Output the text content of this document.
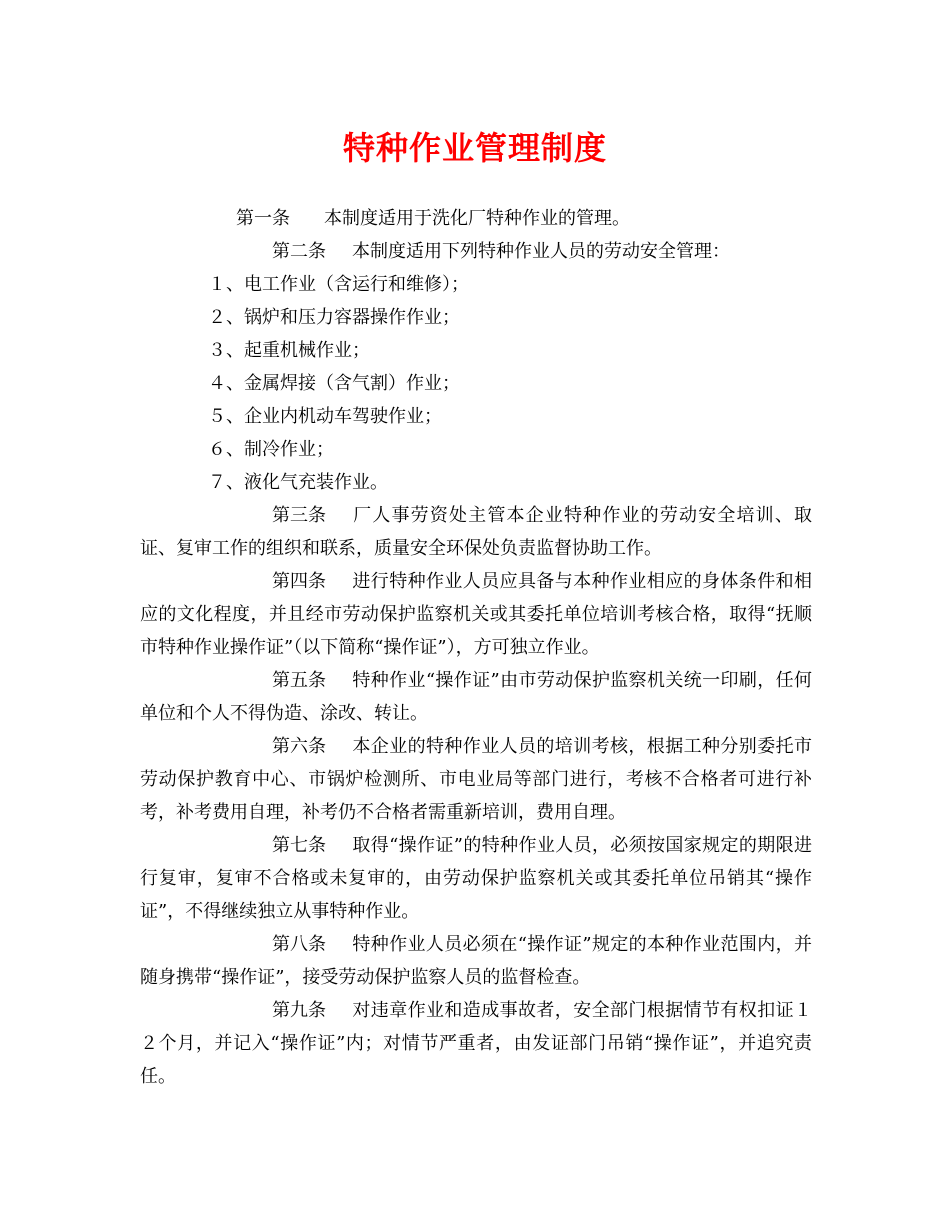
特种作业管理制度

第一条 本制度适用于洗化厂特种作业的管理。

第二条 本制度适用下列特种作业人员的劳动安全管理：

１、电工作业（含运行和维修）；

２、锅炉和压力容器操作作业；

３、起重机械作业；

４、金属焊接（含气割）作业；

５、企业内机动车驾驶作业；

６、制冷作业；

７、液化气充装作业。

第三条 厂人事劳资处主管本企业特种作业的劳动安全培训、取证、复审工作的组织和联系，质量安全环保处负责监督协助工作。

第四条 进行特种作业人员应具备与本种作业相应的身体条件和相应的文化程度，并且经市劳动保护监察机关或其委托单位培训考核合格，取得“抚顺市特种作业操作证”（以下简称“操作证”），方可独立作业。

第五条 特种作业“操作证”由市劳动保护监察机关统一印刷，任何单位和个人不得伪造、涂改、转让。

第六条 本企业的特种作业人员的培训考核，根据工种分别委托市劳动保护教育中心、市锅炉检测所、市电业局等部门进行，考核不合格者可进行补考，补考费用自理，补考仍不合格者需重新培训，费用自理。

第七条 取得“操作证”的特种作业人员，必须按国家规定的期限进行复审，复审不合格或未复审的，由劳动保护监察机关或其委托单位吊销其“操作证”，不得继续独立从事特种作业。

第八条 特种作业人员必须在“操作证”规定的本种作业范围内，并随身携带“操作证”，接受劳动保护监察人员的监督检查。

第九条 对违章作业和造成事故者，安全部门根据情节有权扣证１２个月，并记入“操作证”内；对情节严重者，由发证部门吊销“操作证”，并追究责任。
